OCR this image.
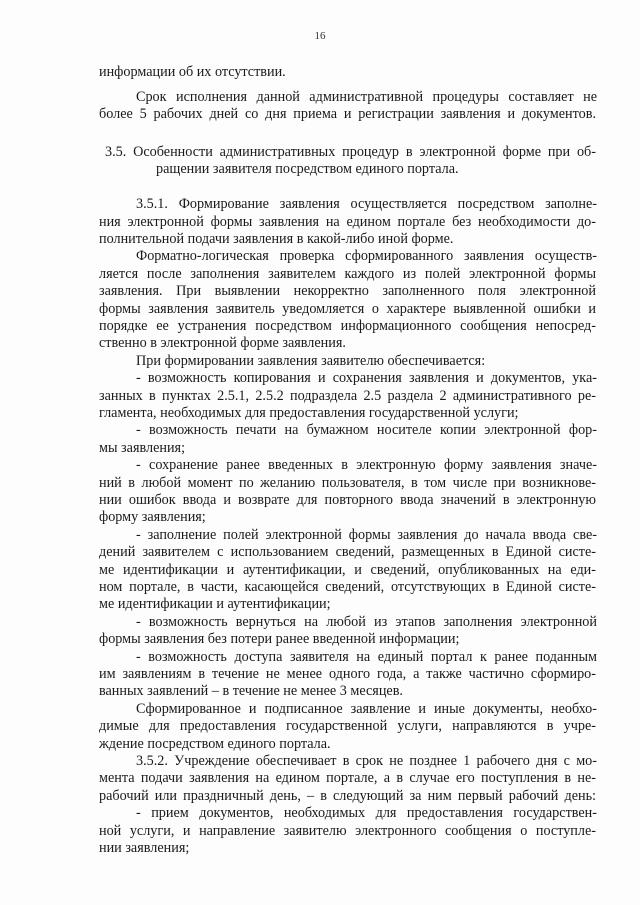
16
информации об их отсутствии.
Срок исполнения данной административной процедуры составляет не
более 5 рабочих дней со дня приема и регистрации заявления и документов.
3.5. Особенности административных процедур в электронной форме при об-
ращении заявителя посредством единого портала.
3.5.1. Формирование заявления осуществляется посредством заполне-
ния электронной формы заявления на едином портале без необходимости до-
полнительной подачи заявления в какой-либо иной форме.
Форматно-логическая проверка сформированного заявления осуществ-
ляется после заполнения заявителем каждого из полей электронной формы
заявления. При выявлении некорректно заполненного поля электронной
формы заявления заявитель уведомляется о характере выявленной ошибки и
порядке ее устранения посредством информационного сообщения непосред-
ственно в электронной форме заявления.
При формировании заявления заявителю обеспечивается:
- возможность копирования и сохранения заявления и документов, ука-
занных в пунктах 2.5.1, 2.5.2 подраздела 2.5 раздела 2 административного ре-
гламента, необходимых для предоставления государственной услуги;
- возможность печати на бумажном носителе копии электронной фор-
мы заявления;
- сохранение ранее введенных в электронную форму заявления значе-
ний в любой момент по желанию пользователя, в том числе при возникнове-
нии ошибок ввода и возврате для повторного ввода значений в электронную
форму заявления;
- заполнение полей электронной формы заявления до начала ввода све-
дений заявителем с использованием сведений, размещенных в Единой систе-
ме идентификации и аутентификации, и сведений, опубликованных на еди-
ном портале, в части, касающейся сведений, отсутствующих в Единой систе-
ме идентификации и аутентификации;
- возможность вернуться на любой из этапов заполнения электронной
формы заявления без потери ранее введенной информации;
- возможность доступа заявителя на единый портал к ранее поданным
им заявлениям в течение не менее одного года, а также частично сформиро-
ванных заявлений – в течение не менее 3 месяцев.
Сформированное и подписанное заявление и иные документы, необхо-
димые для предоставления государственной услуги, направляются в учре-
ждение посредством единого портала.
3.5.2. Учреждение обеспечивает в срок не позднее 1 рабочего дня с мо-
мента подачи заявления на едином портале, а в случае его поступления в не-
рабочий или праздничный день, – в следующий за ним первый рабочий день:
- прием документов, необходимых для предоставления государствен-
ной услуги, и направление заявителю электронного сообщения о поступле-
нии заявления;
